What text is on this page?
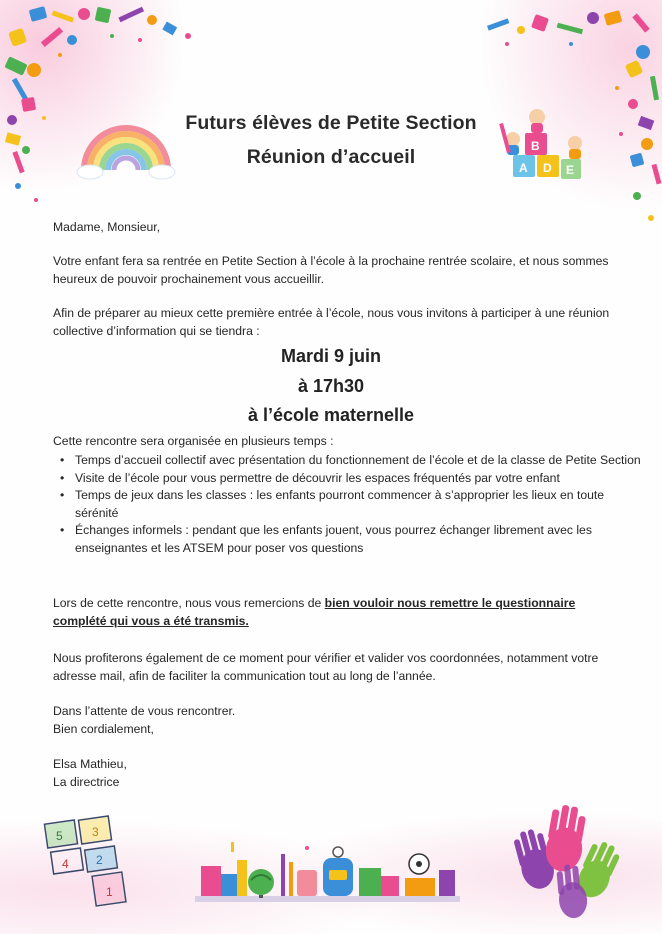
A
B
D E
Futurs élèves de Petite Section
Réunion d’accueil

Madame, Monsieur,

Votre enfant fera sa rentrée en Petite Section à l’école à la prochaine rentrée scolaire, et nous sommes heureux de pouvoir prochainement vous accueillir.

Afin de préparer au mieux cette première entrée à l’école, nous vous invitons à participer à une réunion collective d’information qui se tiendra :

Mardi 9 juin

à 17h30

à l’école maternelle

Cette rencontre sera organisée en plusieurs temps :

• Temps d’accueil collectif avec présentation du fonctionnement de l’école et de la classe de Petite Section
• Visite de l’école pour vous permettre de découvrir les espaces fréquentés par votre enfant
• Temps de jeux dans les classes : les enfants pourront commencer à s’approprier les lieux en toute sérénité
• Échanges informels : pendant que les enfants jouent, vous pourrez échanger librement avec les enseignantes et les ATSEM pour poser vos questions

Lors de cette rencontre, nous vous remercions de bien vouloir nous remettre le questionnaire complété qui vous a été transmis.

Nous profiterons également de ce moment pour vérifier et valider vos coordonnées, notamment votre adresse mail, afin de faciliter la communication tout au long de l’année.

Dans l’attente de vous rencontrer.
Bien cordialement,

Elsa Mathieu,
La directrice

5
4
3
2
1
